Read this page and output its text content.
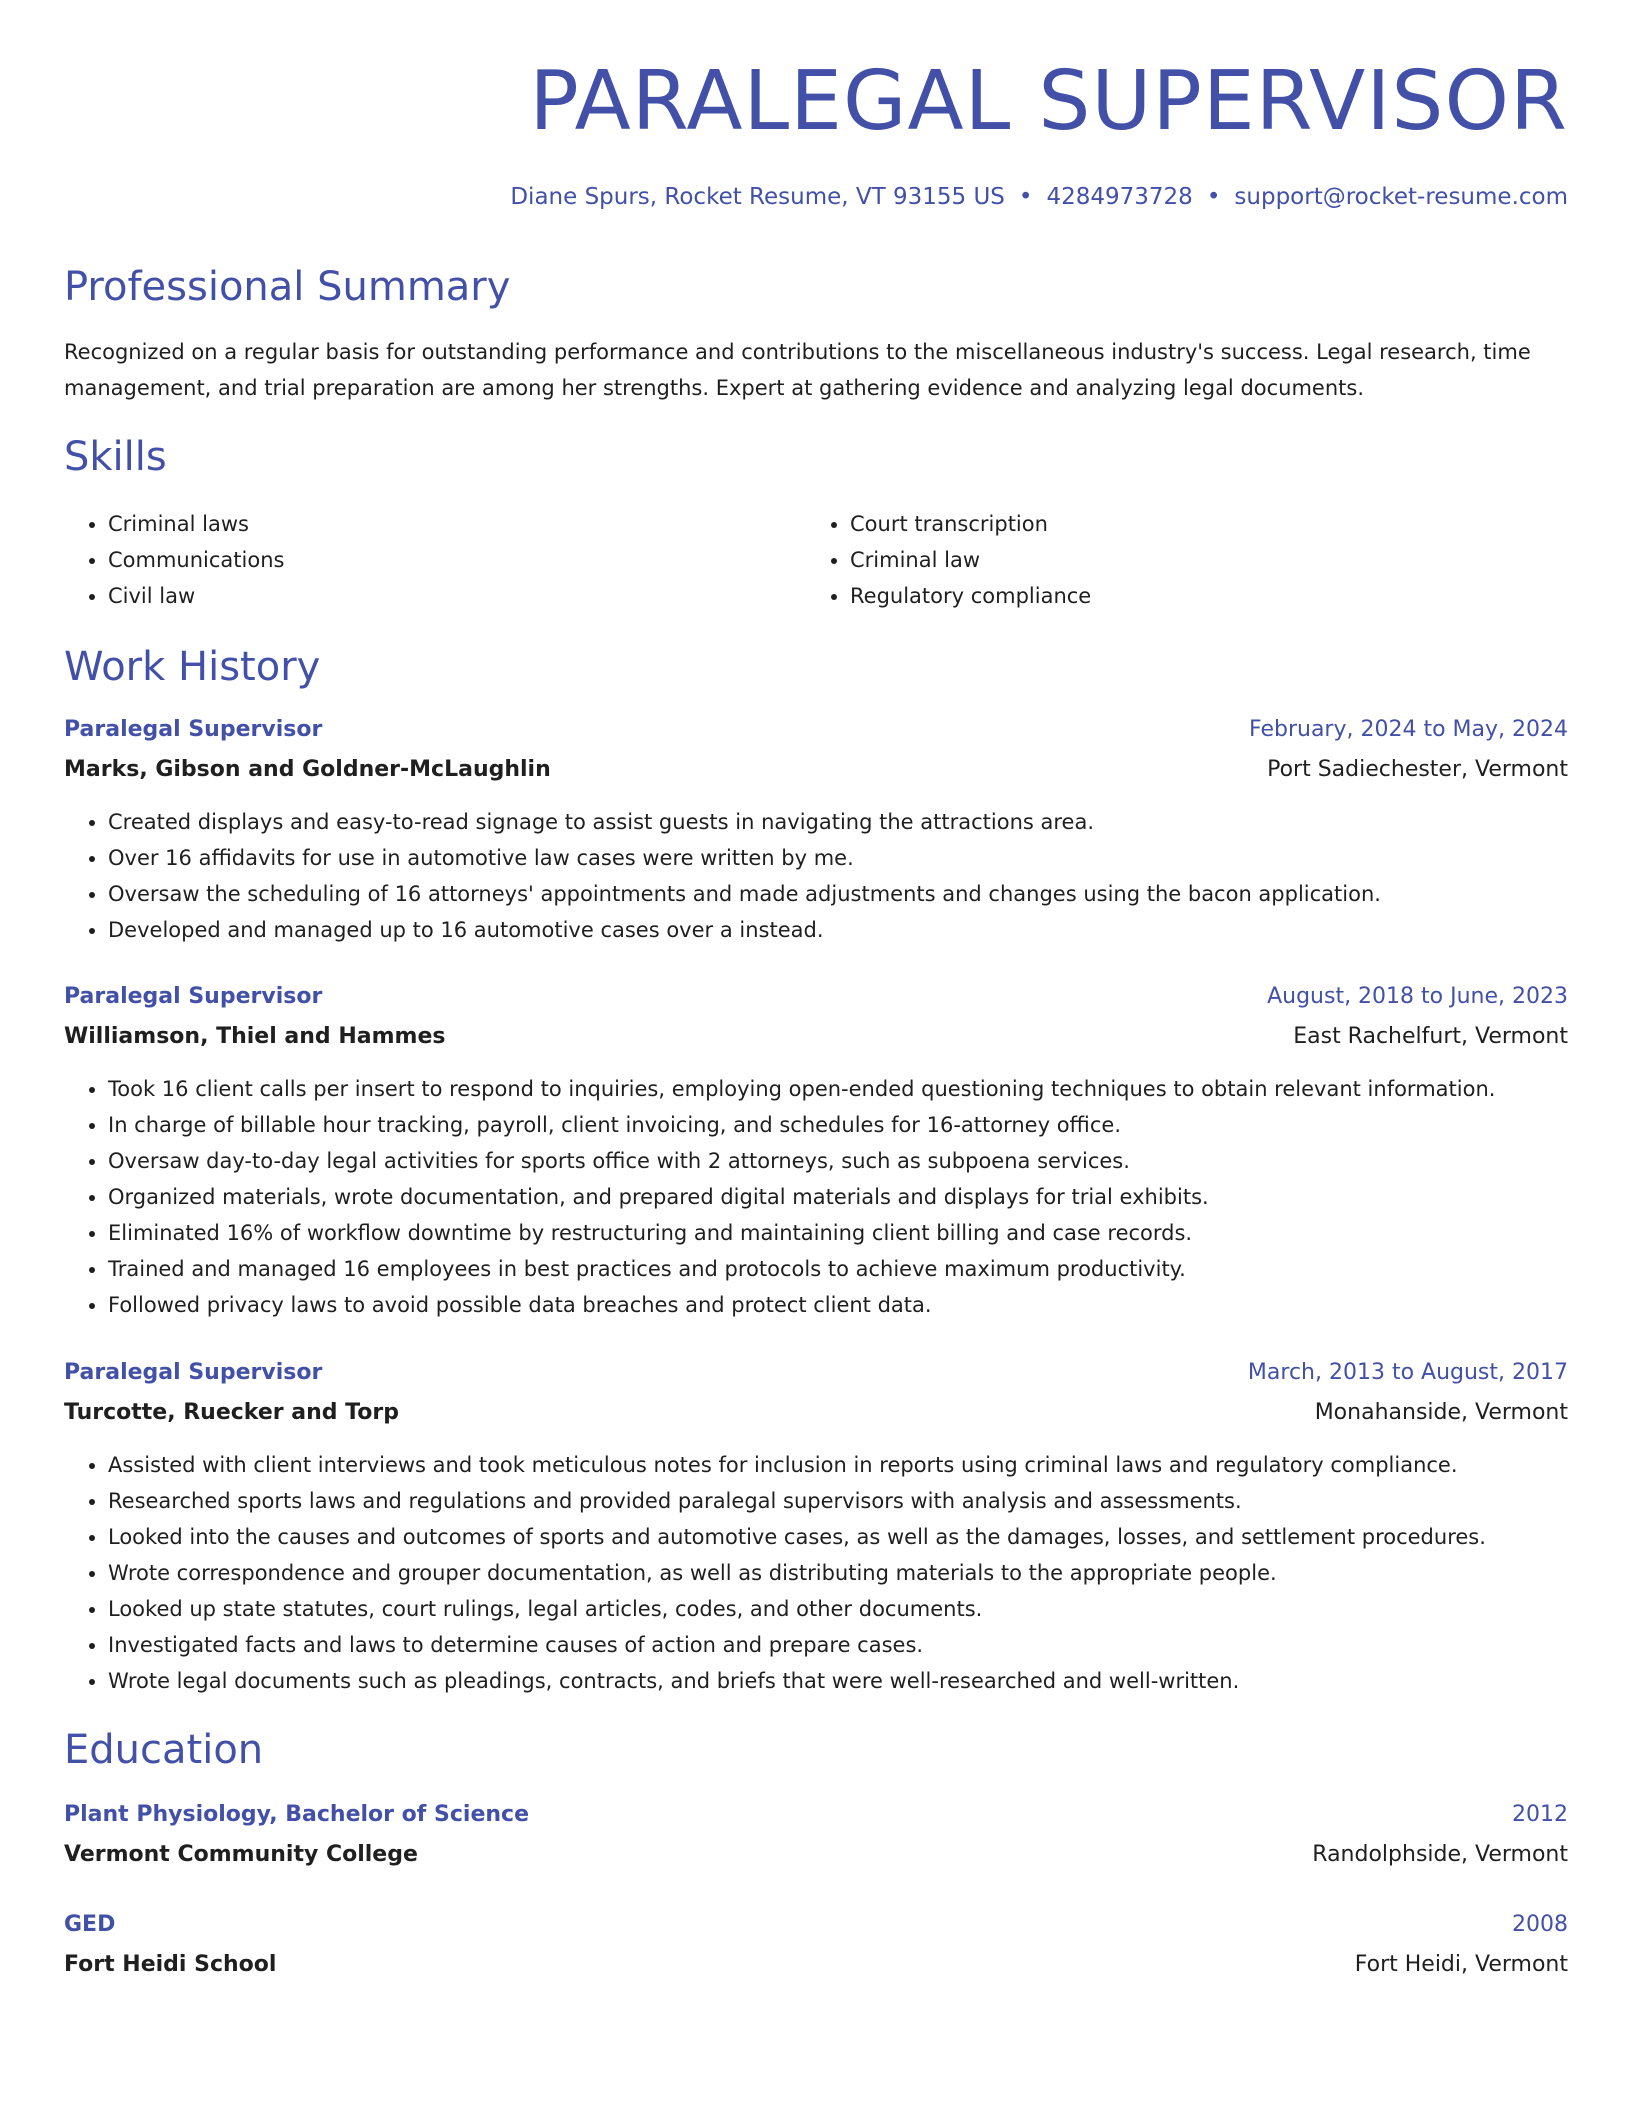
PARALEGAL SUPERVISOR
Diane Spurs, Rocket Resume, VT 93155 US • 4284973728 • support@rocket-resume.com
Professional Summary

Recognized on a regular basis for outstanding performance and contributions to the miscellaneous industry's success. Legal research, time management, and trial preparation are among her strengths. Expert at gathering evidence and analyzing legal documents.

Skills
• Criminal laws
• Communications
• Civil law
• Court transcription
• Criminal law
• Regulatory compliance
Work History
Paralegal Supervisor	February, 2024 to May, 2024
Marks, Gibson and Goldner-McLaughlin	Port Sadiechester, Vermont
• Created displays and easy-to-read signage to assist guests in navigating the attractions area.
• Over 16 affidavits for use in automotive law cases were written by me.
• Oversaw the scheduling of 16 attorneys' appointments and made adjustments and changes using the bacon application.
• Developed and managed up to 16 automotive cases over a instead.
Paralegal Supervisor	August, 2018 to June, 2023
Williamson, Thiel and Hammes	East Rachelfurt, Vermont
• Took 16 client calls per insert to respond to inquiries, employing open-ended questioning techniques to obtain relevant information.
• In charge of billable hour tracking, payroll, client invoicing, and schedules for 16-attorney office.
• Oversaw day-to-day legal activities for sports office with 2 attorneys, such as subpoena services.
• Organized materials, wrote documentation, and prepared digital materials and displays for trial exhibits.
• Eliminated 16% of workflow downtime by restructuring and maintaining client billing and case records.
• Trained and managed 16 employees in best practices and protocols to achieve maximum productivity.
• Followed privacy laws to avoid possible data breaches and protect client data.
Paralegal Supervisor	March, 2013 to August, 2017
Turcotte, Ruecker and Torp	Monahanside, Vermont
• Assisted with client interviews and took meticulous notes for inclusion in reports using criminal laws and regulatory compliance.
• Researched sports laws and regulations and provided paralegal supervisors with analysis and assessments.
• Looked into the causes and outcomes of sports and automotive cases, as well as the damages, losses, and settlement procedures.
• Wrote correspondence and grouper documentation, as well as distributing materials to the appropriate people.
• Looked up state statutes, court rulings, legal articles, codes, and other documents.
• Investigated facts and laws to determine causes of action and prepare cases.
• Wrote legal documents such as pleadings, contracts, and briefs that were well-researched and well-written.
Education
Plant Physiology, Bachelor of Science	2012
Vermont Community College	Randolphside, Vermont
GED	2008
Fort Heidi School	Fort Heidi, Vermont
